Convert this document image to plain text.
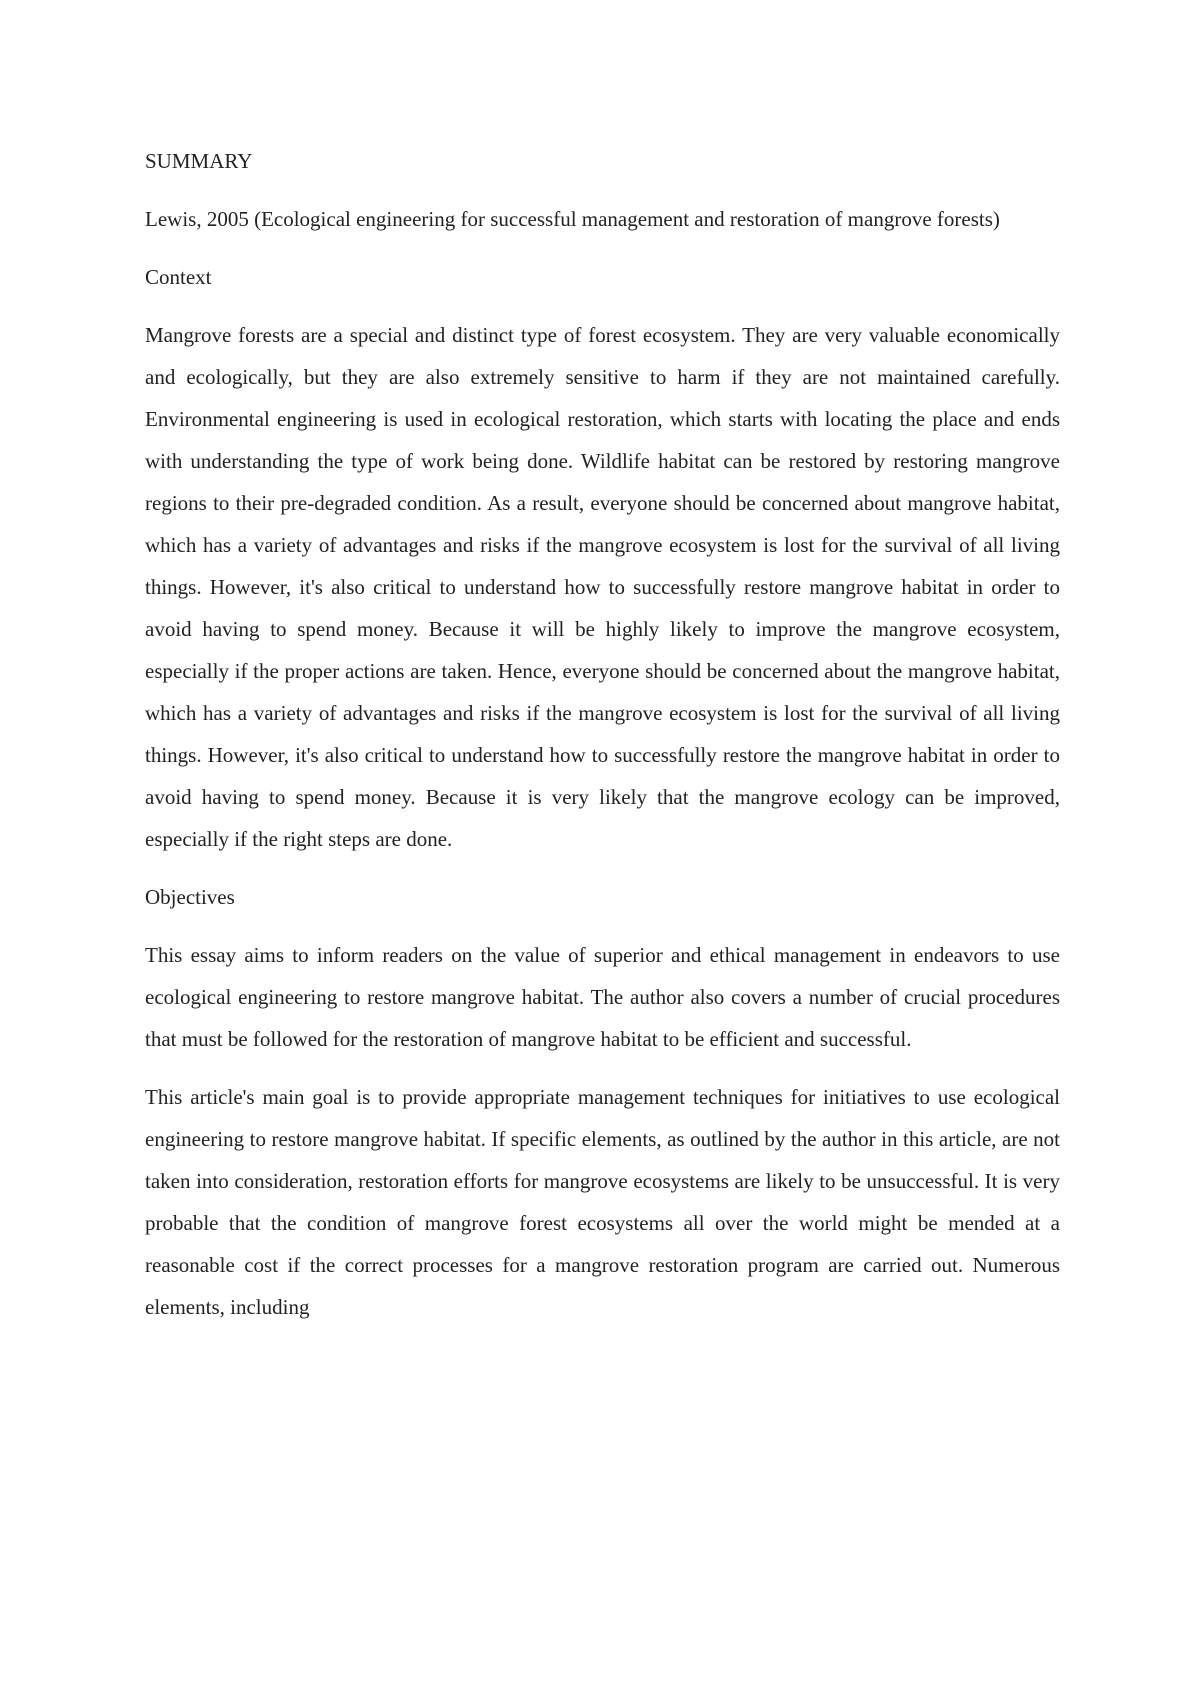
SUMMARY

Lewis, 2005 (Ecological engineering for successful management and restoration of mangrove forests)

Context

Mangrove forests are a special and distinct type of forest ecosystem. They are very valuable economically and ecologically, but they are also extremely sensitive to harm if they are not maintained carefully. Environmental engineering is used in ecological restoration, which starts with locating the place and ends with understanding the type of work being done. Wildlife habitat can be restored by restoring mangrove regions to their pre-degraded condition. As a result, everyone should be concerned about mangrove habitat, which has a variety of advantages and risks if the mangrove ecosystem is lost for the survival of all living things. However, it's also critical to understand how to successfully restore mangrove habitat in order to avoid having to spend money. Because it will be highly likely to improve the mangrove ecosystem, especially if the proper actions are taken. Hence, everyone should be concerned about the mangrove habitat, which has a variety of advantages and risks if the mangrove ecosystem is lost for the survival of all living things. However, it's also critical to understand how to successfully restore the mangrove habitat in order to avoid having to spend money. Because it is very likely that the mangrove ecology can be improved, especially if the right steps are done.

Objectives

This essay aims to inform readers on the value of superior and ethical management in endeavors to use ecological engineering to restore mangrove habitat. The author also covers a number of crucial procedures that must be followed for the restoration of mangrove habitat to be efficient and successful.

This article's main goal is to provide appropriate management techniques for initiatives to use ecological engineering to restore mangrove habitat. If specific elements, as outlined by the author in this article, are not taken into consideration, restoration efforts for mangrove ecosystems are likely to be unsuccessful. It is very probable that the condition of mangrove forest ecosystems all over the world might be mended at a reasonable cost if the correct processes for a mangrove restoration program are carried out. Numerous elements, including
